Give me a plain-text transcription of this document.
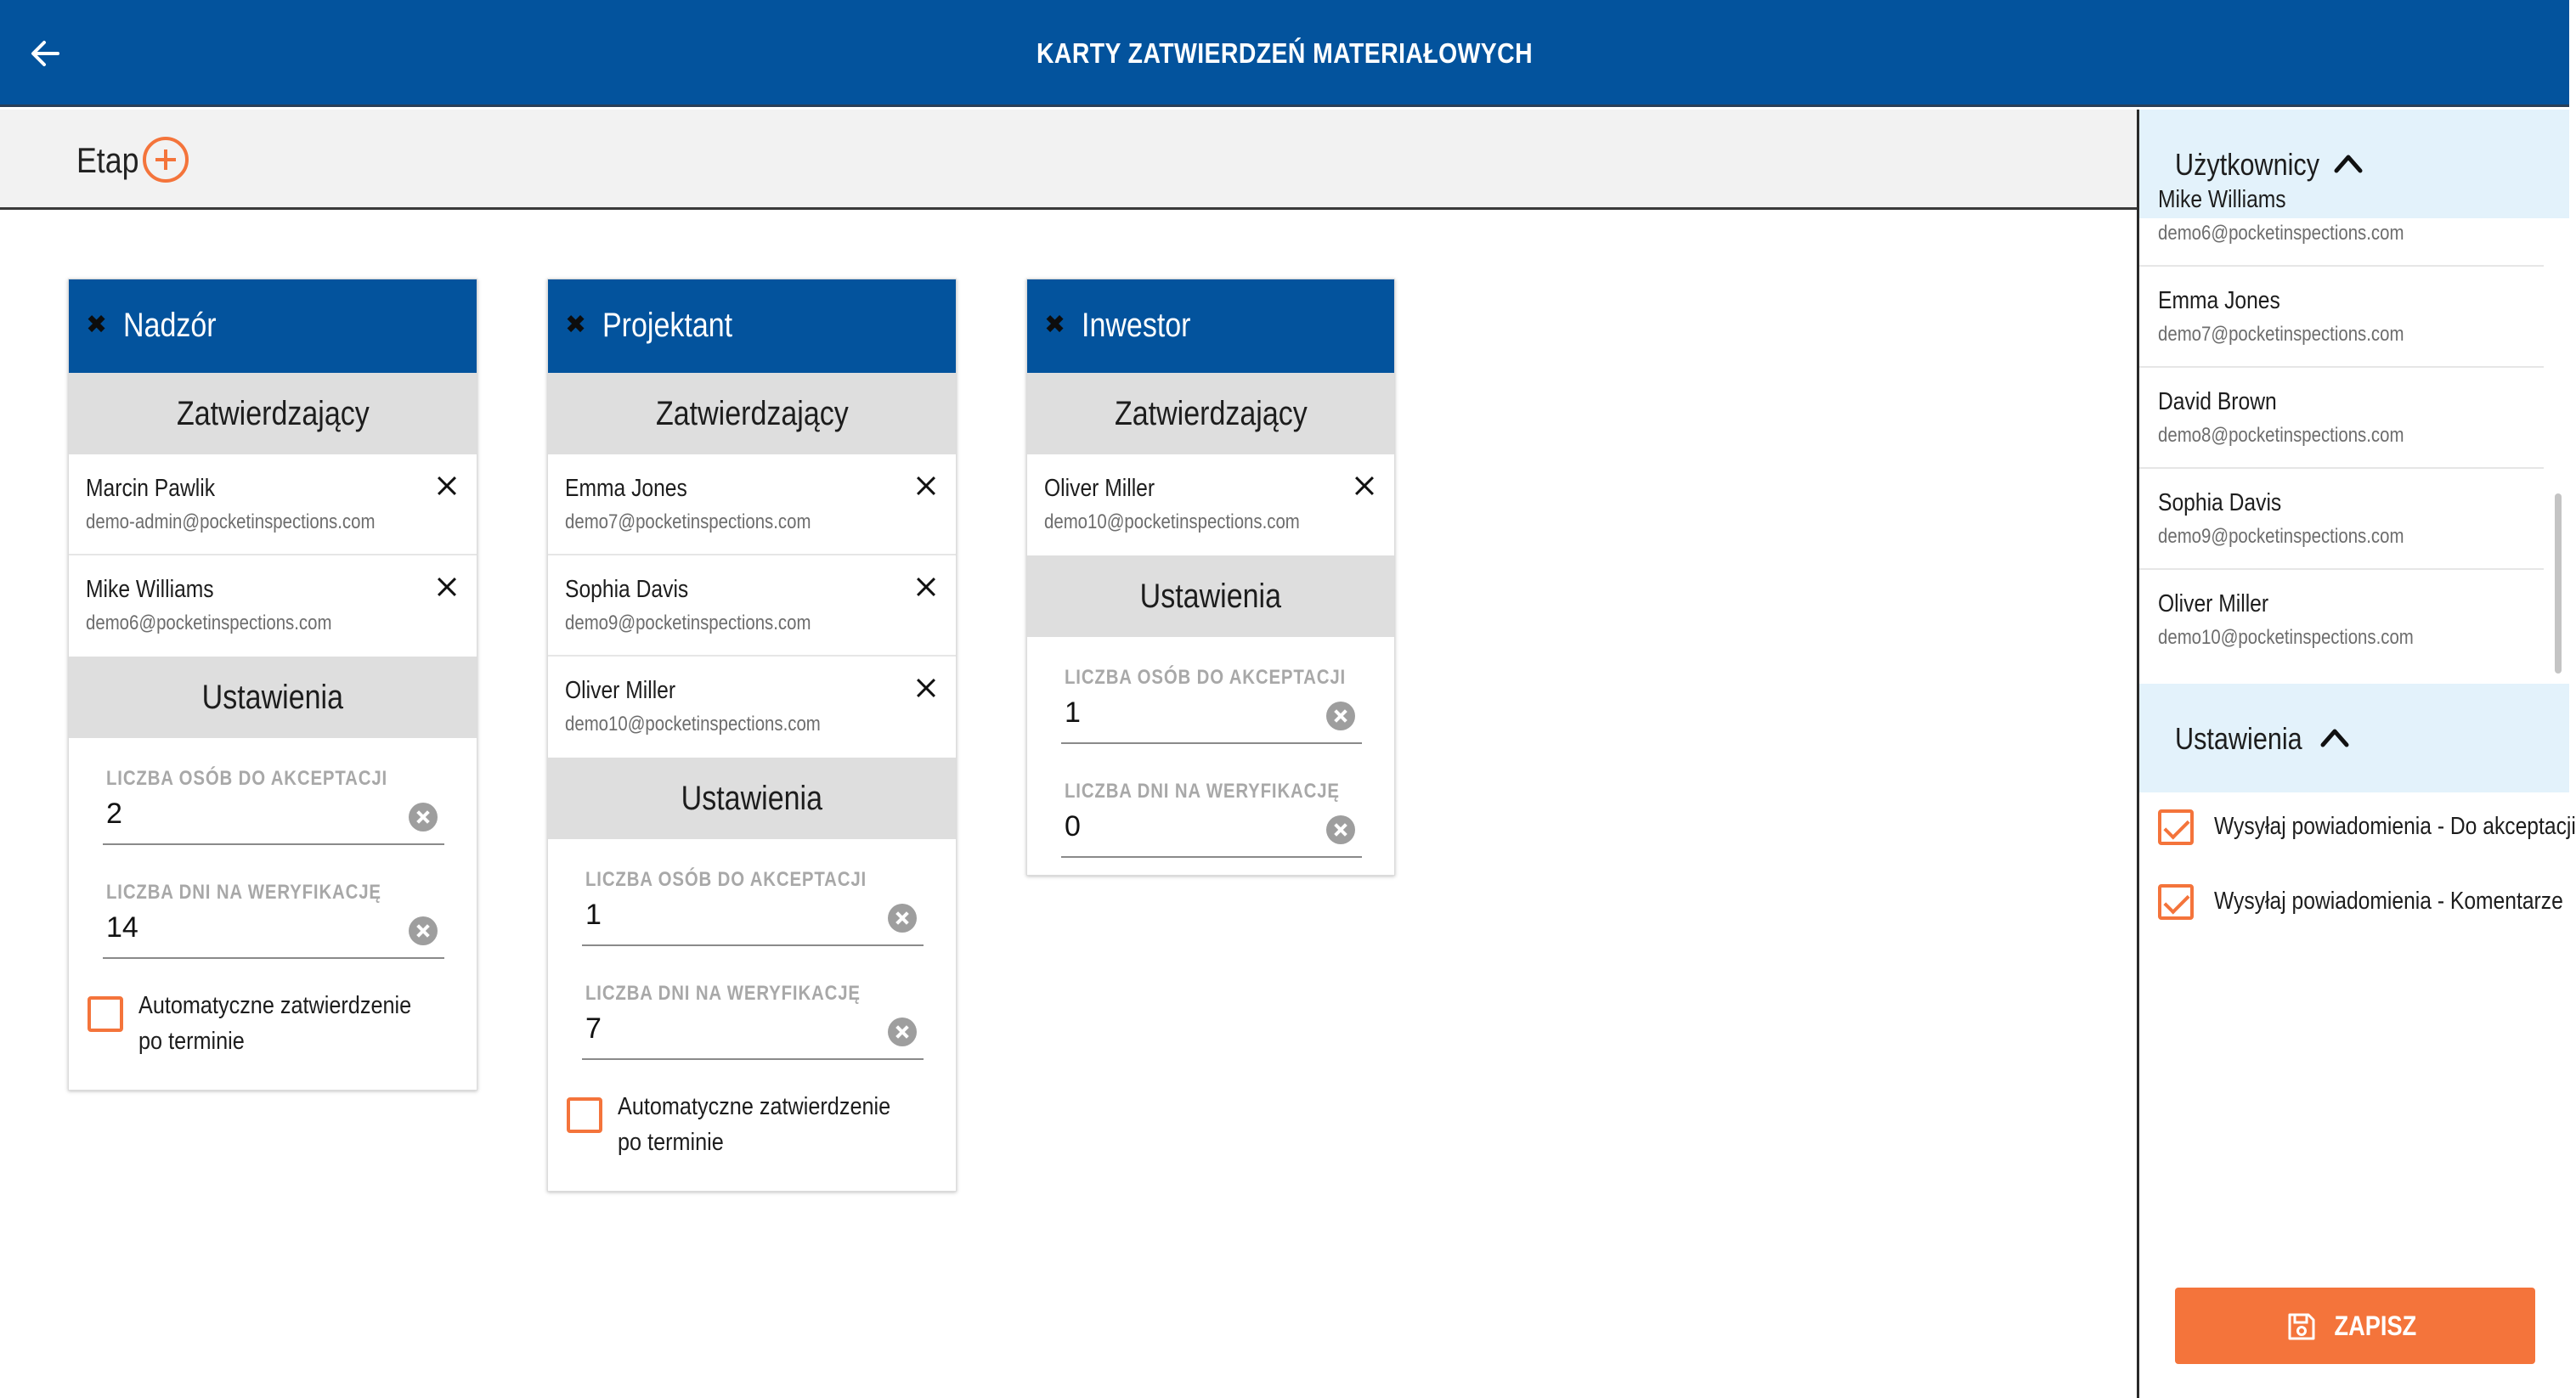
KARTY ZATWIERDZEŃ MATERIAŁOWYCH
Etap
✖
Nadzór
Zatwierdzający
Marcin Pawlik
demo-admin@pocketinspections.com
Mike Williams
demo6@pocketinspections.com
Ustawienia
LICZBA OSÓB DO AKCEPTACJI
2
LICZBA DNI NA WERYFIKACJĘ
14
Automatyczne zatwierdzenie po terminie
✖
Projektant
Zatwierdzający
Emma Jones
demo7@pocketinspections.com
Sophia Davis
demo9@pocketinspections.com
Oliver Miller
demo10@pocketinspections.com
Ustawienia
LICZBA OSÓB DO AKCEPTACJI
1
LICZBA DNI NA WERYFIKACJĘ
7
Automatyczne zatwierdzenie po terminie
✖
Inwestor
Zatwierdzający
Oliver Miller
demo10@pocketinspections.com
Ustawienia
LICZBA OSÓB DO AKCEPTACJI
1
LICZBA DNI NA WERYFIKACJĘ
0
Użytkownicy
Mike Williams
demo6@pocketinspections.com
Emma Jones
demo7@pocketinspections.com
David Brown
demo8@pocketinspections.com
Sophia Davis
demo9@pocketinspections.com
Oliver Miller
demo10@pocketinspections.com
Ustawienia
Wysyłaj powiadomienia - Do akceptacji
Wysyłaj powiadomienia - Komentarze
ZAPISZ
